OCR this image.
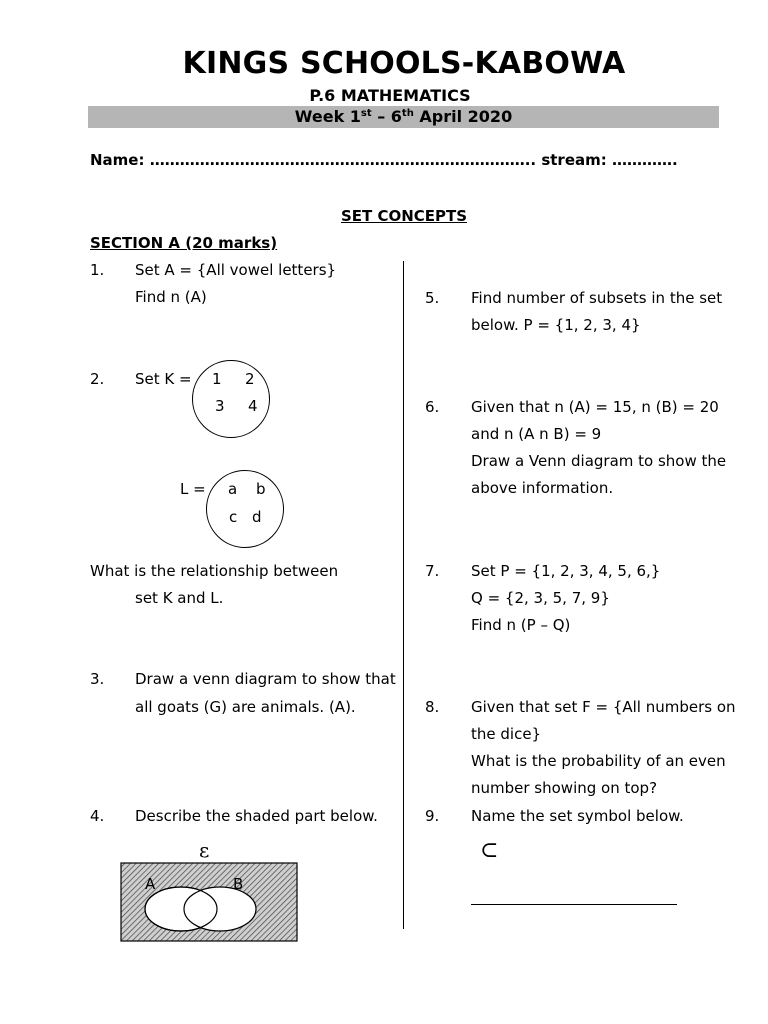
KINGS SCHOOLS-KABOWA
P.6 MATHEMATICS
Week 1st – 6th April 2020
Name: ………………………………………………………………….. stream: ………….
SET CONCEPTS
SECTION A (20 marks)
1. Set A = {All vowel letters}
Find n (A)
2. Set K = 1 2
3 4
L = a b
c d
What is the relationship between
set K and L.
3. Draw a venn diagram to show that
all goats (G) are animals. (A).
4. Describe the shaded part below.
ε
A	B
5. Find number of subsets in the set
below. P = {1, 2, 3, 4}
6. Given that n (A) = 15, n (B) = 20
and n (A n B) = 9
Draw a Venn diagram to show the
above information.
7. Set P = {1, 2, 3, 4, 5, 6,}
Q = {2, 3, 5, 7, 9}
Find n (P – Q)
8. Given that set F = {All numbers on
the dice}
What is the probability of an even
number showing on top?
9. Name the set symbol below.
⊂
